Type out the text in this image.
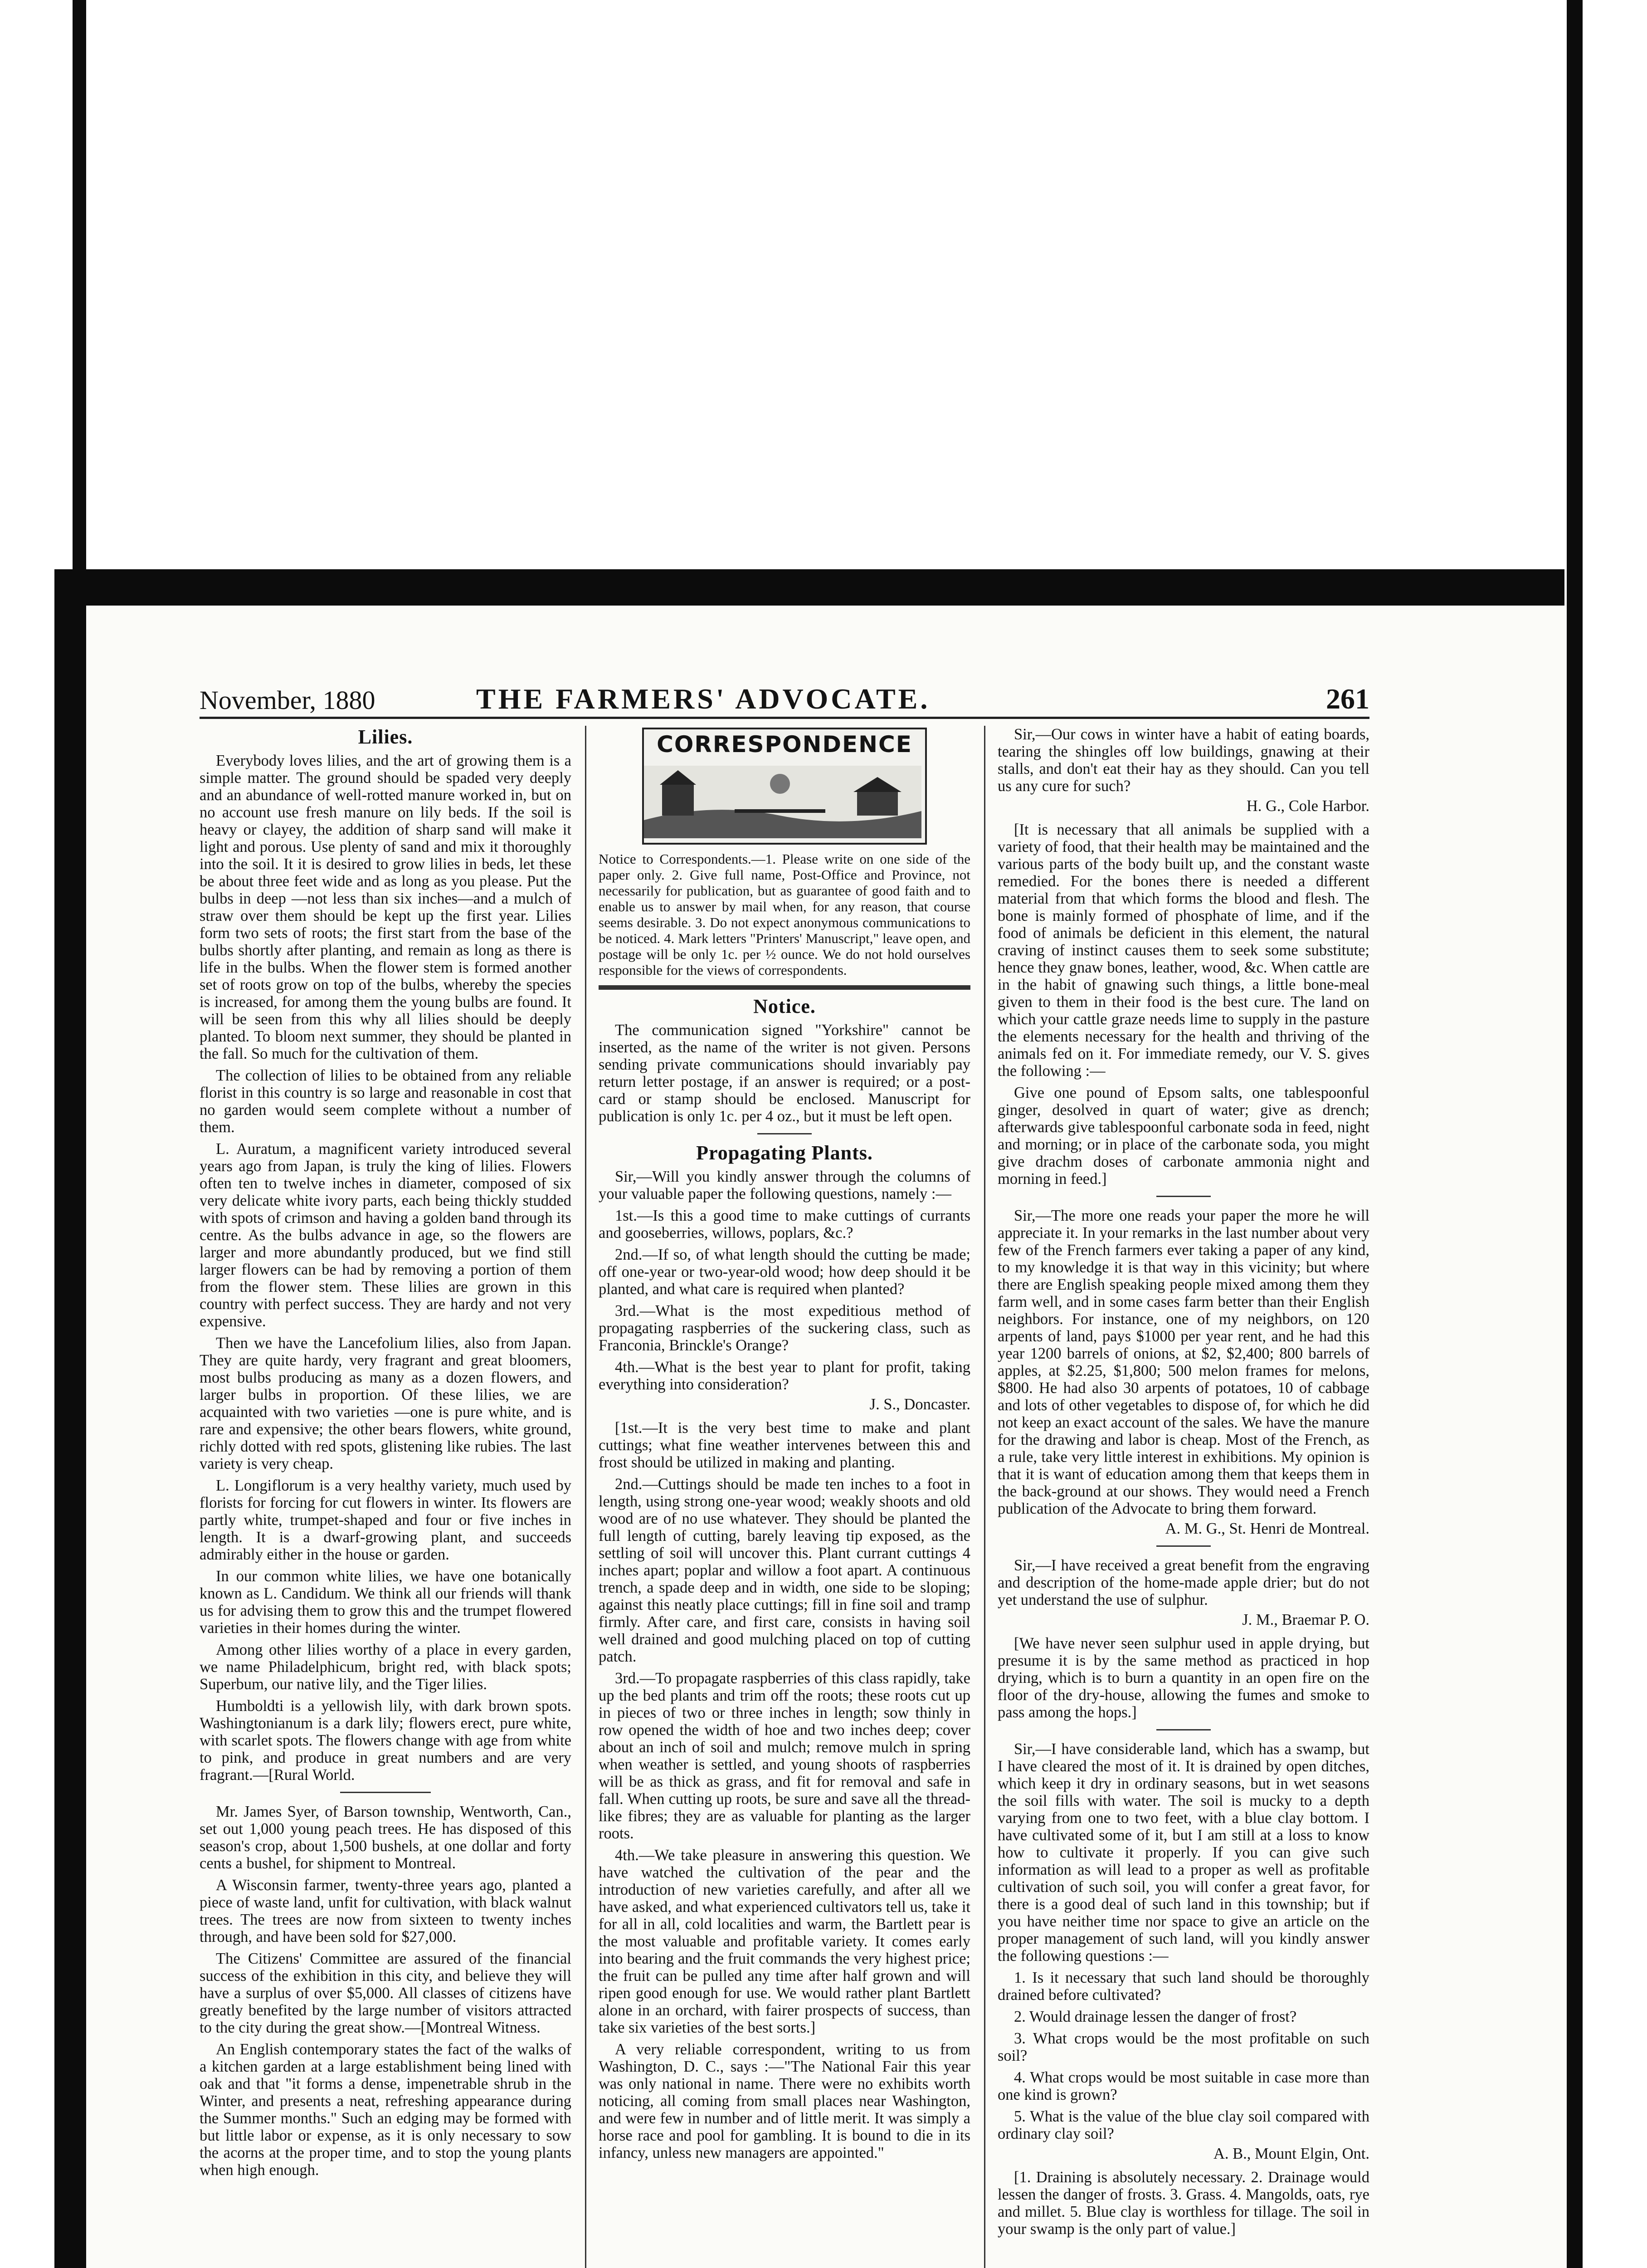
November, 1880	THE FARMERS' ADVOCATE.	261
Lilies.

Everybody loves lilies, and the art of growing them is a simple matter. The ground should be spaded very deeply and an abundance of well-rotted manure worked in, but on no account use fresh manure on lily beds. If the soil is heavy or clayey, the addition of sharp sand will make it light and porous. Use plenty of sand and mix it thoroughly into the soil. It it is desired to grow lilies in beds, let these be about three feet wide and as long as you please. Put the bulbs in deep —not less than six inches—and a mulch of straw over them should be kept up the first year. Lilies form two sets of roots; the first start from the base of the bulbs shortly after planting, and remain as long as there is life in the bulbs. When the flower stem is formed another set of roots grow on top of the bulbs, whereby the species is increased, for among them the young bulbs are found. It will be seen from this why all lilies should be deeply planted. To bloom next summer, they should be planted in the fall. So much for the cultivation of them.

The collection of lilies to be obtained from any reliable florist in this country is so large and reasonable in cost that no garden would seem complete without a number of them.

L. Auratum, a magnificent variety introduced several years ago from Japan, is truly the king of lilies. Flowers often ten to twelve inches in diameter, composed of six very delicate white ivory parts, each being thickly studded with spots of crimson and having a golden band through its centre. As the bulbs advance in age, so the flowers are larger and more abundantly produced, but we find still larger flowers can be had by removing a portion of them from the flower stem. These lilies are grown in this country with perfect success. They are hardy and not very expensive.

Then we have the Lancefolium lilies, also from Japan. They are quite hardy, very fragrant and great bloomers, most bulbs producing as many as a dozen flowers, and larger bulbs in proportion. Of these lilies, we are acquainted with two varieties —one is pure white, and is rare and expensive; the other bears flowers, white ground, richly dotted with red spots, glistening like rubies. The last variety is very cheap.

L. Longiflorum is a very healthy variety, much used by florists for forcing for cut flowers in winter. Its flowers are partly white, trumpet-shaped and four or five inches in length. It is a dwarf-growing plant, and succeeds admirably either in the house or garden.

In our common white lilies, we have one botanically known as L. Candidum. We think all our friends will thank us for advising them to grow this and the trumpet flowered varieties in their homes during the winter.

Among other lilies worthy of a place in every garden, we name Philadelphicum, bright red, with black spots; Superbum, our native lily, and the Tiger lilies.

Humboldti is a yellowish lily, with dark brown spots. Washingtonianum is a dark lily; flowers erect, pure white, with scarlet spots. The flowers change with age from white to pink, and produce in great numbers and are very fragrant.—[Rural World.

Mr. James Syer, of Barson township, Wentworth, Can., set out 1,000 young peach trees. He has disposed of this season's crop, about 1,500 bushels, at one dollar and forty cents a bushel, for shipment to Montreal.

A Wisconsin farmer, twenty-three years ago, planted a piece of waste land, unfit for cultivation, with black walnut trees. The trees are now from sixteen to twenty inches through, and have been sold for $27,000.

The Citizens' Committee are assured of the financial success of the exhibition in this city, and believe they will have a surplus of over $5,000. All classes of citizens have greatly benefited by the large number of visitors attracted to the city during the great show.—[Montreal Witness.

An English contemporary states the fact of the walks of a kitchen garden at a large establishment being lined with oak and that "it forms a dense, impenetrable shrub in the Winter, and presents a neat, refreshing appearance during the Summer months." Such an edging may be formed with but little labor or expense, as it is only necessary to sow the acorns at the proper time, and to stop the young plants when high enough.

CORRESPONDENCE

Notice to Correspondents.—1. Please write on one side of the paper only. 2. Give full name, Post-Office and Province, not necessarily for publication, but as guarantee of good faith and to enable us to answer by mail when, for any reason, that course seems desirable. 3. Do not expect anonymous communications to be noticed. 4. Mark letters "Printers' Manuscript," leave open, and postage will be only 1c. per ½ ounce. We do not hold ourselves responsible for the views of correspondents.

Notice.

The communication signed "Yorkshire" cannot be inserted, as the name of the writer is not given. Persons sending private communications should invariably pay return letter postage, if an answer is required; or a post-card or stamp should be enclosed. Manuscript for publication is only 1c. per 4 oz., but it must be left open.

Propagating Plants.

Sir,—Will you kindly answer through the columns of your valuable paper the following questions, namely :—

1st.—Is this a good time to make cuttings of currants and gooseberries, willows, poplars, &c.?

2nd.—If so, of what length should the cutting be made; off one-year or two-year-old wood; how deep should it be planted, and what care is required when planted?

3rd.—What is the most expeditious method of propagating raspberries of the suckering class, such as Franconia, Brinckle's Orange?

4th.—What is the best year to plant for profit, taking everything into consideration?

J. S., Doncaster.

[1st.—It is the very best time to make and plant cuttings; what fine weather intervenes between this and frost should be utilized in making and planting.

2nd.—Cuttings should be made ten inches to a foot in length, using strong one-year wood; weakly shoots and old wood are of no use whatever. They should be planted the full length of cutting, barely leaving tip exposed, as the settling of soil will uncover this. Plant currant cuttings 4 inches apart; poplar and willow a foot apart. A continuous trench, a spade deep and in width, one side to be sloping; against this neatly place cuttings; fill in fine soil and tramp firmly. After care, and first care, consists in having soil well drained and good mulching placed on top of cutting patch.

3rd.—To propagate raspberries of this class rapidly, take up the bed plants and trim off the roots; these roots cut up in pieces of two or three inches in length; sow thinly in row opened the width of hoe and two inches deep; cover about an inch of soil and mulch; remove mulch in spring when weather is settled, and young shoots of raspberries will be as thick as grass, and fit for removal and safe in fall. When cutting up roots, be sure and save all the thread-like fibres; they are as valuable for planting as the larger roots.

4th.—We take pleasure in answering this question. We have watched the cultivation of the pear and the introduction of new varieties carefully, and after all we have asked, and what experienced cultivators tell us, take it for all in all, cold localities and warm, the Bartlett pear is the most valuable and profitable variety. It comes early into bearing and the fruit commands the very highest price; the fruit can be pulled any time after half grown and will ripen good enough for use. We would rather plant Bartlett alone in an orchard, with fairer prospects of success, than take six varieties of the best sorts.]

A very reliable correspondent, writing to us from Washington, D. C., says :—"The National Fair this year was only national in name. There were no exhibits worth noticing, all coming from small places near Washington, and were few in number and of little merit. It was simply a horse race and pool for gambling. It is bound to die in its infancy, unless new managers are appointed."

Sir,—Our cows in winter have a habit of eating boards, tearing the shingles off low buildings, gnawing at their stalls, and don't eat their hay as they should. Can you tell us any cure for such?

H. G., Cole Harbor.

[It is necessary that all animals be supplied with a variety of food, that their health may be maintained and the various parts of the body built up, and the constant waste remedied. For the bones there is needed a different material from that which forms the blood and flesh. The bone is mainly formed of phosphate of lime, and if the food of animals be deficient in this element, the natural craving of instinct causes them to seek some substitute; hence they gnaw bones, leather, wood, &c. When cattle are in the habit of gnawing such things, a little bone-meal given to them in their food is the best cure. The land on which your cattle graze needs lime to supply in the pasture the elements necessary for the health and thriving of the animals fed on it. For immediate remedy, our V. S. gives the following :—

Give one pound of Epsom salts, one tablespoonful ginger, desolved in quart of water; give as drench; afterwards give tablespoonful carbonate soda in feed, night and morning; or in place of the carbonate soda, you might give drachm doses of carbonate ammonia night and morning in feed.]

Sir,—The more one reads your paper the more he will appreciate it. In your remarks in the last number about very few of the French farmers ever taking a paper of any kind, to my knowledge it is that way in this vicinity; but where there are English speaking people mixed among them they farm well, and in some cases farm better than their English neighbors. For instance, one of my neighbors, on 120 arpents of land, pays $1000 per year rent, and he had this year 1200 barrels of onions, at $2, $2,400; 800 barrels of apples, at $2.25, $1,800; 500 melon frames for melons, $800. He had also 30 arpents of potatoes, 10 of cabbage and lots of other vegetables to dispose of, for which he did not keep an exact account of the sales. We have the manure for the drawing and labor is cheap. Most of the French, as a rule, take very little interest in exhibitions. My opinion is that it is want of education among them that keeps them in the back-ground at our shows. They would need a French publication of the Advocate to bring them forward.

A. M. G., St. Henri de Montreal.

Sir,—I have received a great benefit from the engraving and description of the home-made apple drier; but do not yet understand the use of sulphur.

J. M., Braemar P. O.

[We have never seen sulphur used in apple drying, but presume it is by the same method as practiced in hop drying, which is to burn a quantity in an open fire on the floor of the dry-house, allowing the fumes and smoke to pass among the hops.]

Sir,—I have considerable land, which has a swamp, but I have cleared the most of it. It is drained by open ditches, which keep it dry in ordinary seasons, but in wet seasons the soil fills with water. The soil is mucky to a depth varying from one to two feet, with a blue clay bottom. I have cultivated some of it, but I am still at a loss to know how to cultivate it properly. If you can give such information as will lead to a proper as well as profitable cultivation of such soil, you will confer a great favor, for there is a good deal of such land in this township; but if you have neither time nor space to give an article on the proper management of such land, will you kindly answer the following questions :—

1. Is it necessary that such land should be thoroughly drained before cultivated?

2. Would drainage lessen the danger of frost?

3. What crops would be the most profitable on such soil?

4. What crops would be most suitable in case more than one kind is grown?

5. What is the value of the blue clay soil compared with ordinary clay soil?

A. B., Mount Elgin, Ont.

[1. Draining is absolutely necessary. 2. Drainage would lessen the danger of frosts. 3. Grass. 4. Mangolds, oats, rye and millet. 5. Blue clay is worthless for tillage. The soil in your swamp is the only part of value.]
